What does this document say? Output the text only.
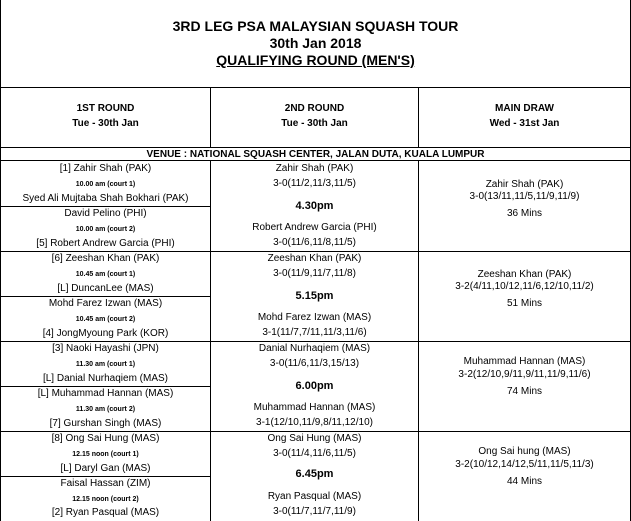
3RD LEG PSA MALAYSIAN SQUASH TOUR
30th Jan 2018
QUALIFYING ROUND (MEN'S)
1ST ROUND
Tue - 30th Jan
2ND ROUND
Tue - 30th Jan
MAIN DRAW
Wed - 31st Jan
VENUE : NATIONAL SQUASH CENTER, JALAN DUTA, KUALA LUMPUR
[1] Zahir Shah (PAK)
10.00 am (court 1)
Syed Ali Mujtaba Shah Bokhari (PAK)
David Pelino (PHI)
10.00 am (court 2)
[5] Robert Andrew Garcia (PHI)
Zahir Shah (PAK)
3-0(11/2,11/3,11/5)
4.30pm
Robert Andrew Garcia (PHI)
3-0(11/6,11/8,11/5)
Zahir Shah (PAK)
3-0(13/11,11/5,11/9,11/9)
36 Mins
[6] Zeeshan Khan (PAK)
10.45 am (court 1)
[L] DuncanLee (MAS)
Mohd Farez Izwan (MAS)
10.45 am (court 2)
[4] JongMyoung Park (KOR)
Zeeshan Khan (PAK)
3-0(11/9,11/7,11/8)
5.15pm
Mohd Farez Izwan (MAS)
3-1(11/7,7/11,11/3,11/6)
Zeeshan Khan (PAK)
3-2(4/11,10/12,11/6,12/10,11/2)
51 Mins
[3] Naoki Hayashi (JPN)
11.30 am (court 1)
[L] Danial Nurhaqiem (MAS)
[L] Muhammad Hannan (MAS)
11.30 am (court 2)
[7] Gurshan Singh (MAS)
Danial Nurhaqiem (MAS)
3-0(11/6,11/3,15/13)
6.00pm
Muhammad Hannan (MAS)
3-1(12/10,11/9,8/11,12/10)
Muhammad Hannan (MAS)
3-2(12/10,9/11,9/11,11/9,11/6)
74 Mins
[8] Ong Sai Hung (MAS)
12.15 noon (court 1)
[L] Daryl Gan (MAS)
Faisal Hassan (ZIM)
12.15 noon (court 2)
[2] Ryan Pasqual (MAS)
Ong Sai Hung (MAS)
3-0(11/4,11/6,11/5)
6.45pm
Ryan Pasqual (MAS)
3-0(11/7,11/7,11/9)
Ong Sai hung (MAS)
3-2(10/12,14/12,5/11,11/5,11/3)
44 Mins
